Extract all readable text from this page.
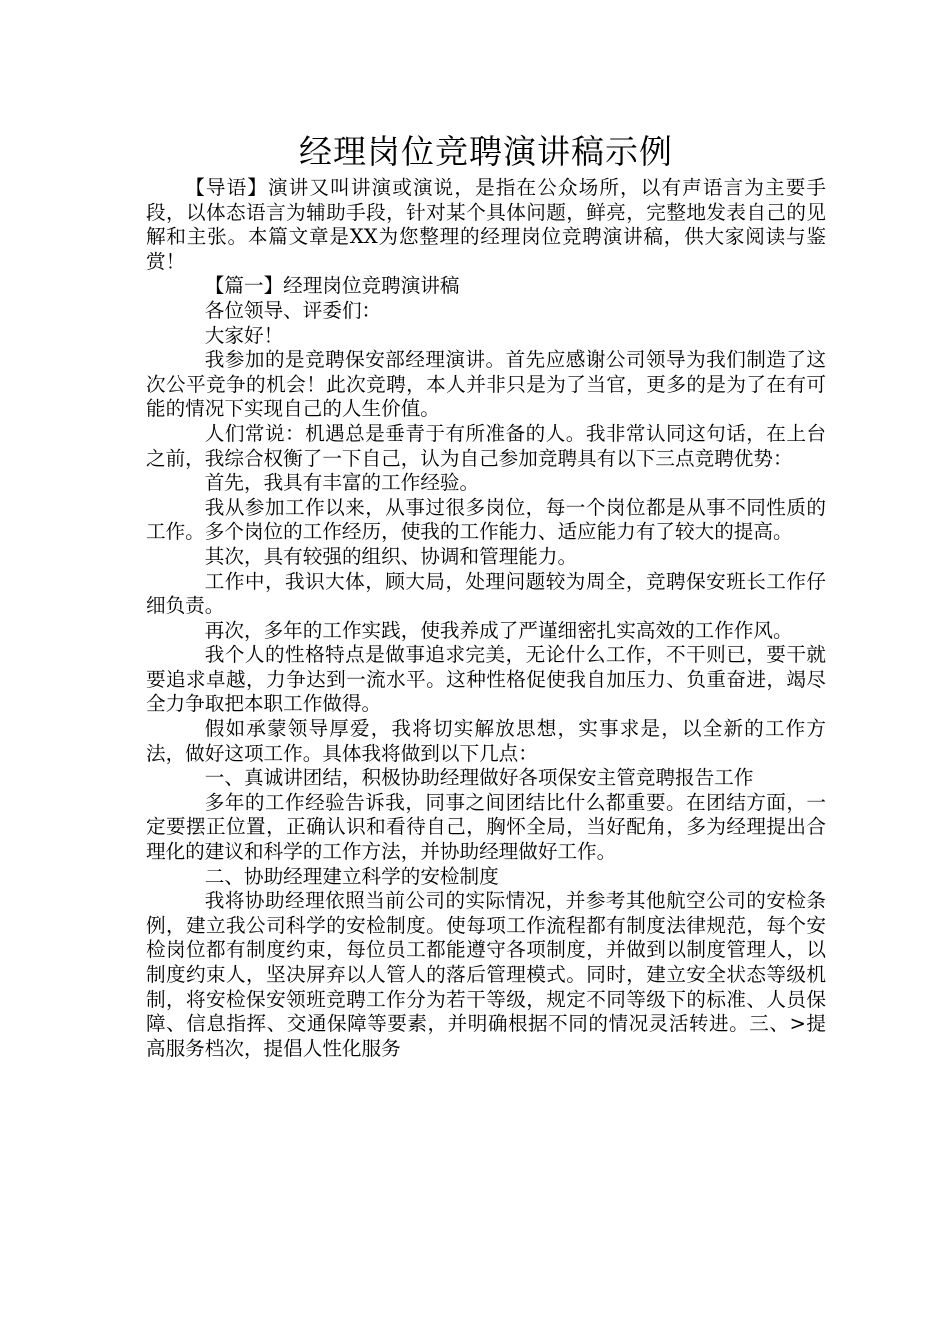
经理岗位竞聘演讲稿示例

【导语】演讲又叫讲演或演说，是指在公众场所，以有声语言为主要手段，以体态语言为辅助手段，针对某个具体问题，鲜亮，完整地发表自己的见解和主张。本篇文章是XX为您整理的经理岗位竞聘演讲稿，供大家阅读与鉴赏！

【篇一】经理岗位竞聘演讲稿

各位领导、评委们：

大家好！

我参加的是竞聘保安部经理演讲。首先应感谢公司领导为我们制造了这次公平竞争的机会！此次竞聘，本人并非只是为了当官，更多的是为了在有可能的情况下实现自己的人生价值。

人们常说：机遇总是垂青于有所准备的人。我非常认同这句话，在上台之前，我综合权衡了一下自己，认为自己参加竞聘具有以下三点竞聘优势：

首先，我具有丰富的工作经验。

我从参加工作以来，从事过很多岗位，每一个岗位都是从事不同性质的工作。多个岗位的工作经历，使我的工作能力、适应能力有了较大的提高。

其次，具有较强的组织、协调和管理能力。

工作中，我识大体，顾大局，处理问题较为周全，竞聘保安班长工作仔细负责。

再次，多年的工作实践，使我养成了严谨细密扎实高效的工作作风。

我个人的性格特点是做事追求完美，无论什么工作，不干则已，要干就要追求卓越，力争达到一流水平。这种性格促使我自加压力、负重奋进，竭尽全力争取把本职工作做得。

假如承蒙领导厚爱，我将切实解放思想，实事求是，以全新的工作方法，做好这项工作。具体我将做到以下几点：

一、真诚讲团结，积极协助经理做好各项保安主管竞聘报告工作

多年的工作经验告诉我，同事之间团结比什么都重要。在团结方面，一定要摆正位置，正确认识和看待自己，胸怀全局，当好配角，多为经理提出合理化的建议和科学的工作方法，并协助经理做好工作。

二、协助经理建立科学的安检制度

我将协助经理依照当前公司的实际情况，并参考其他航空公司的安检条例，建立我公司科学的安检制度。使每项工作流程都有制度法律规范，每个安检岗位都有制度约束，每位员工都能遵守各项制度，并做到以制度管理人，以制度约束人，坚决屏弃以人管人的落后管理模式。同时，建立安全状态等级机制，将安检保安领班竞聘工作分为若干等级，规定不同等级下的标准、人员保障、信息指挥、交通保障等要素，并明确根据不同的情况灵活转进。三、>提高服务档次，提倡人性化服务
